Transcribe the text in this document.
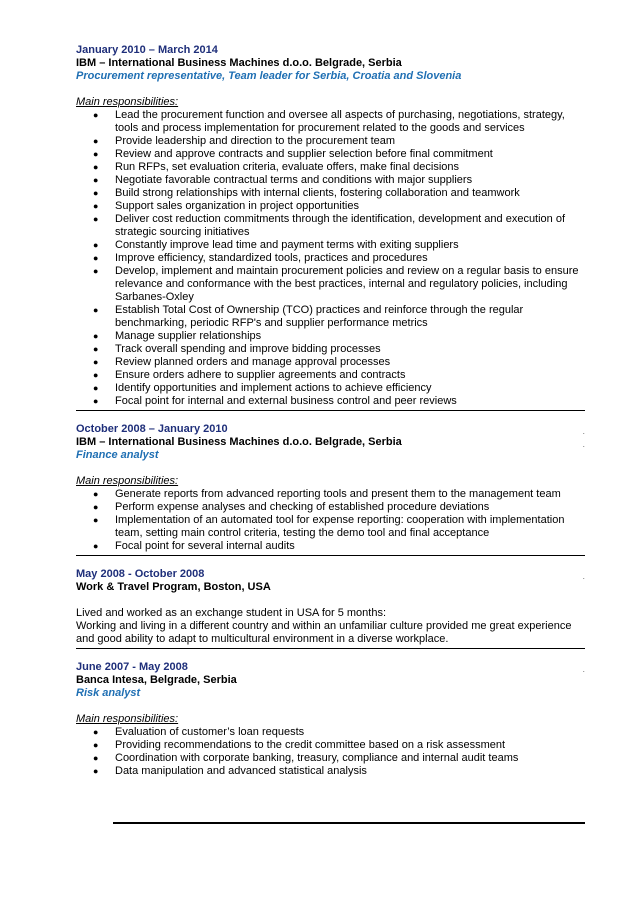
January 2010 – March 2014
IBM – International Business Machines d.o.o. Belgrade, Serbia
Procurement representative, Team leader for Serbia, Croatia and Slovenia
Main responsibilities:
● Lead the procurement function and oversee all aspects of purchasing, negotiations, strategy, tools and process implementation for procurement related to the goods and services
● Provide leadership and direction to the procurement team
● Review and approve contracts and supplier selection before final commitment
● Run RFPs, set evaluation criteria, evaluate offers, make final decisions
● Negotiate favorable contractual terms and conditions with major suppliers
● Build strong relationships with internal clients, fostering collaboration and teamwork
● Support sales organization in project opportunities
● Deliver cost reduction commitments through the identification, development and execution of strategic sourcing initiatives
● Constantly improve lead time and payment terms with exiting suppliers
● Improve efficiency, standardized tools, practices and procedures
● Develop, implement and maintain procurement policies and review on a regular basis to ensure relevance and conformance with the best practices, internal and regulatory policies, including Sarbanes-Oxley
● Establish Total Cost of Ownership (TCO) practices and reinforce through the regular benchmarking, periodic RFP's and supplier performance metrics
● Manage supplier relationships
● Track overall spending and improve bidding processes
● Review planned orders and manage approval processes
● Ensure orders adhere to supplier agreements and contracts
● Identify opportunities and implement actions to achieve efficiency
● Focal point for internal and external business control and peer reviews
October 2008 – January 2010	.
IBM – International Business Machines d.o.o. Belgrade, Serbia	.
Finance analyst
Main responsibilities:
● Generate reports from advanced reporting tools and present them to the management team
● Perform expense analyses and checking of established procedure deviations
● Implementation of an automated tool for expense reporting: cooperation with implementation team, setting main control criteria, testing the demo tool and final acceptance
● Focal point for several internal audits
May 2008 - October 2008	.
Work & Travel Program, Boston, USA

Lived and worked as an exchange student in USA for 5 months:

Working and living in a different country and within an unfamiliar culture provided me great experience and good ability to adapt to multicultural environment in a diverse workplace.

June 2007 - May 2008	.
Banca Intesa, Belgrade, Serbia
Risk analyst
Main responsibilities:
● Evaluation of customer’s loan requests
● Providing recommendations to the credit committee based on a risk assessment
● Coordination with corporate banking, treasury, compliance and internal audit teams
● Data manipulation and advanced statistical analysis
